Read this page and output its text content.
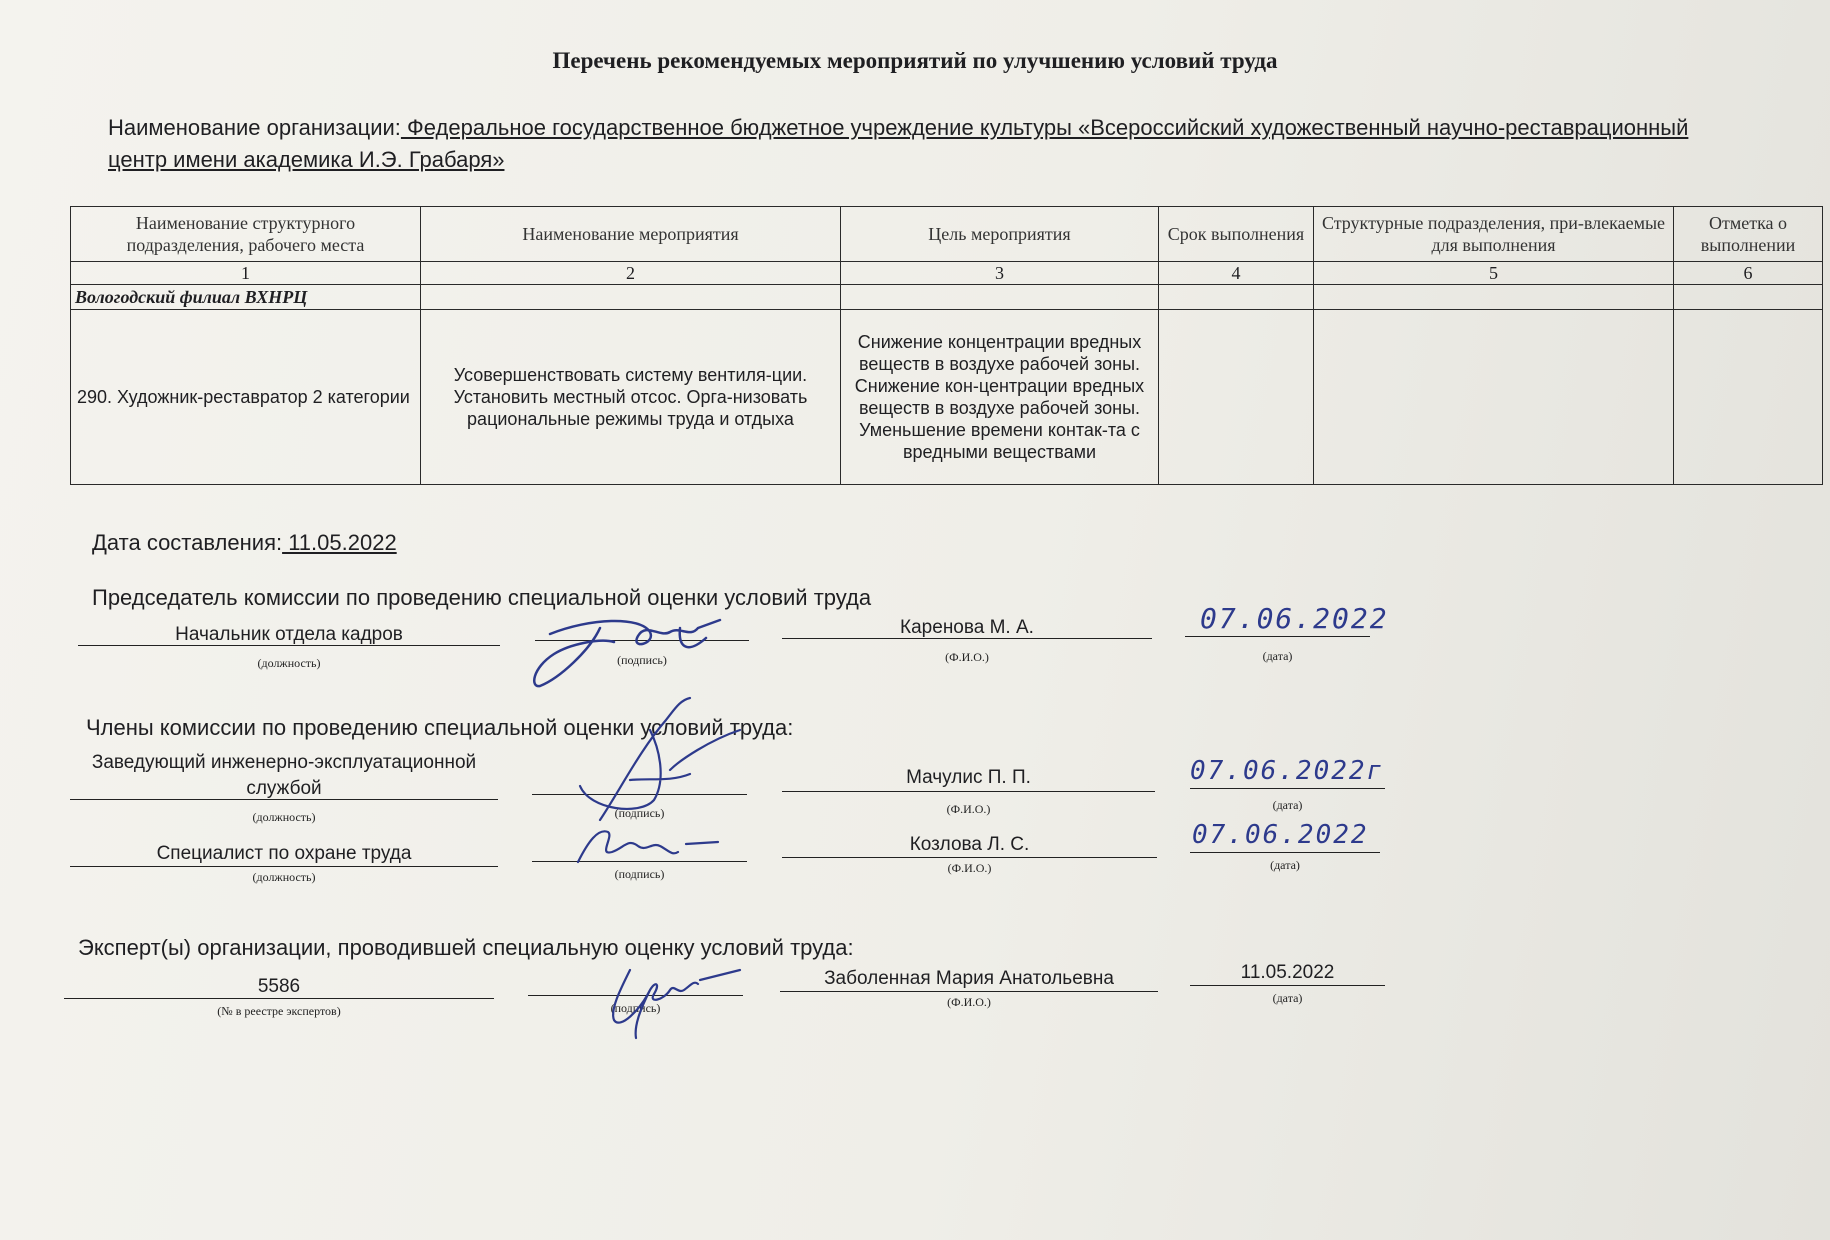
Перечень рекомендуемых мероприятий по улучшению условий труда
Наименование организации: Федеральное государственное бюджетное учреждение культуры «Всероссийский художественный научно-реставрационный центр имени академика И.Э. Грабаря»
Наименование структурного подразделения, рабочего места	Наименование мероприятия	Цель мероприятия	Срок выполнения	Структурные подразделения, при-влекаемые для выполнения	Отметка о выполнении
1	2	3	4	5	6
Вологодский филиал ВХНРЦ					
290. Художник-реставратор 2 категории	Усовершенствовать систему вентиля-ции. Установить местный отсос. Орга-низовать рациональные режимы труда и отдыха	Снижение концентрации вредных веществ в воздухе рабочей зоны. Снижение кон-центрации вредных веществ в воздухе рабочей зоны. Уменьшение времени контак-та с вредными веществами			
Дата составления: 11.05.2022
Председатель комиссии по проведению специальной оценки условий труда
Начальник отдела кадров
(должность)	(подпись)
Каренова М. А.
(Ф.И.О.)
07.06.2022
(дата)
Члены комиссии по проведению специальной оценки условий труда:
Заведующий инженерно-эксплуатационной службой
(должность)	(подпись)
Мачулис П. П.
(Ф.И.О.)
07.06.2022г
(дата)
Специалист по охране труда
(должность)	(подпись)
Козлова Л. С.
(Ф.И.О.)
07.06.2022
(дата)
Эксперт(ы) организации, проводившей специальную оценку условий труда:
5586
(№ в реестре экспертов)	(подпись)
Заболенная Мария Анатольевна
(Ф.И.О.)
11.05.2022
(дата)
